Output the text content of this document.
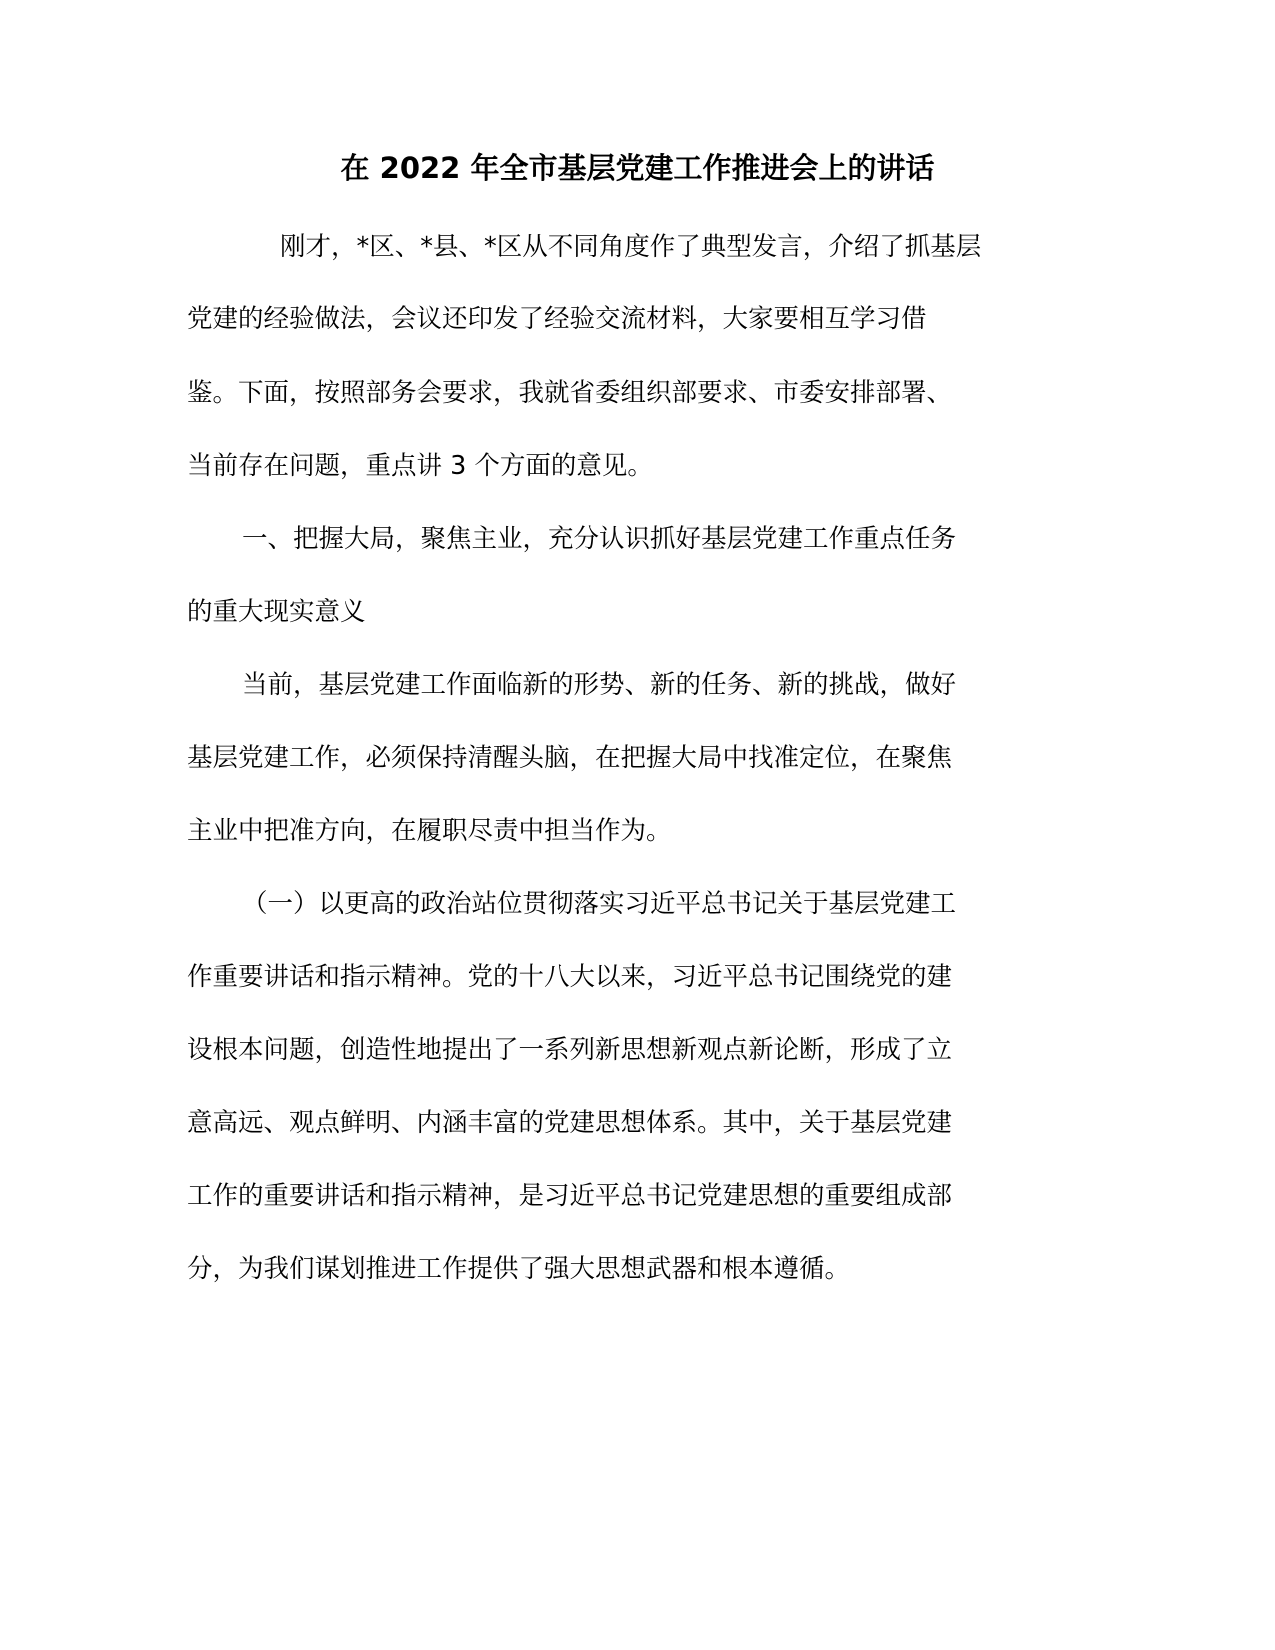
在 2022 年全市基层党建工作推进会上的讲话
刚才，*区、*县、*区从不同角度作了典型发言，介绍了抓基层
党建的经验做法，会议还印发了经验交流材料，大家要相互学习借
鉴。下面，按照部务会要求，我就省委组织部要求、市委安排部署、
当前存在问题，重点讲 3 个方面的意见。
一、把握大局，聚焦主业，充分认识抓好基层党建工作重点任务
的重大现实意义
当前，基层党建工作面临新的形势、新的任务、新的挑战，做好
基层党建工作，必须保持清醒头脑，在把握大局中找准定位，在聚焦
主业中把准方向，在履职尽责中担当作为。
（一）以更高的政治站位贯彻落实习近平总书记关于基层党建工
作重要讲话和指示精神。党的十八大以来，习近平总书记围绕党的建
设根本问题，创造性地提出了一系列新思想新观点新论断，形成了立
意高远、观点鲜明、内涵丰富的党建思想体系。其中，关于基层党建
工作的重要讲话和指示精神，是习近平总书记党建思想的重要组成部
分，为我们谋划推进工作提供了强大思想武器和根本遵循。
